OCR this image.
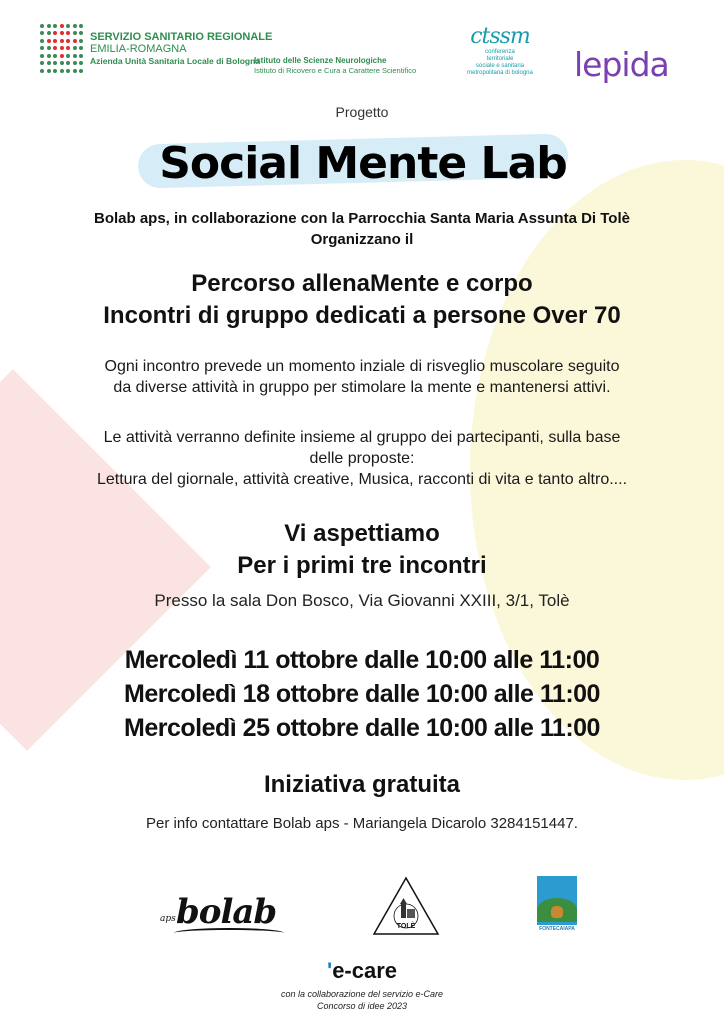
SERVIZIO SANITARIO REGIONALE
EMILIA-ROMAGNA
Azienda Unità Sanitaria Locale di Bologna
Istituto delle Scienze Neurologiche
Istituto di Ricovero e Cura a Carattere Scientifico
ctssm
conferenza
territoriale
sociale e sanitaria
metropolitana di bologna lepida
Progetto
Social Mente Lab
Bolab aps, in collaborazione con la Parrocchia Santa Maria Assunta Di Tolè
Organizzano il
Percorso allenaMente e corpo
Incontri di gruppo dedicati a persone Over 70
Ogni incontro prevede un momento inziale di risveglio muscolare seguito
da diverse attività in gruppo per stimolare la mente e mantenersi attivi.
Le attività verranno definite insieme al gruppo dei partecipanti, sulla base
delle proposte:
Lettura del giornale, attività creative, Musica, racconti di vita e tanto altro....
Vi aspettiamo
Per i primi tre incontri
Presso la sala Don Bosco, Via Giovanni XXIII, 3/1, Tolè
Mercoledì 11 ottobre dalle 10:00 alle 11:00
Mercoledì 18 ottobre dalle 10:00 alle 11:00
Mercoledì 25 ottobre dalle 10:00 alle 11:00
Iniziativa gratuita
Per info contattare Bolab aps - Mariangela Dicarolo 3284151447.
aps bolab	TOLÈ	FONTECAIAPA
'e-care
con la collaborazione del servizio e-Care
Concorso di idee 2023
